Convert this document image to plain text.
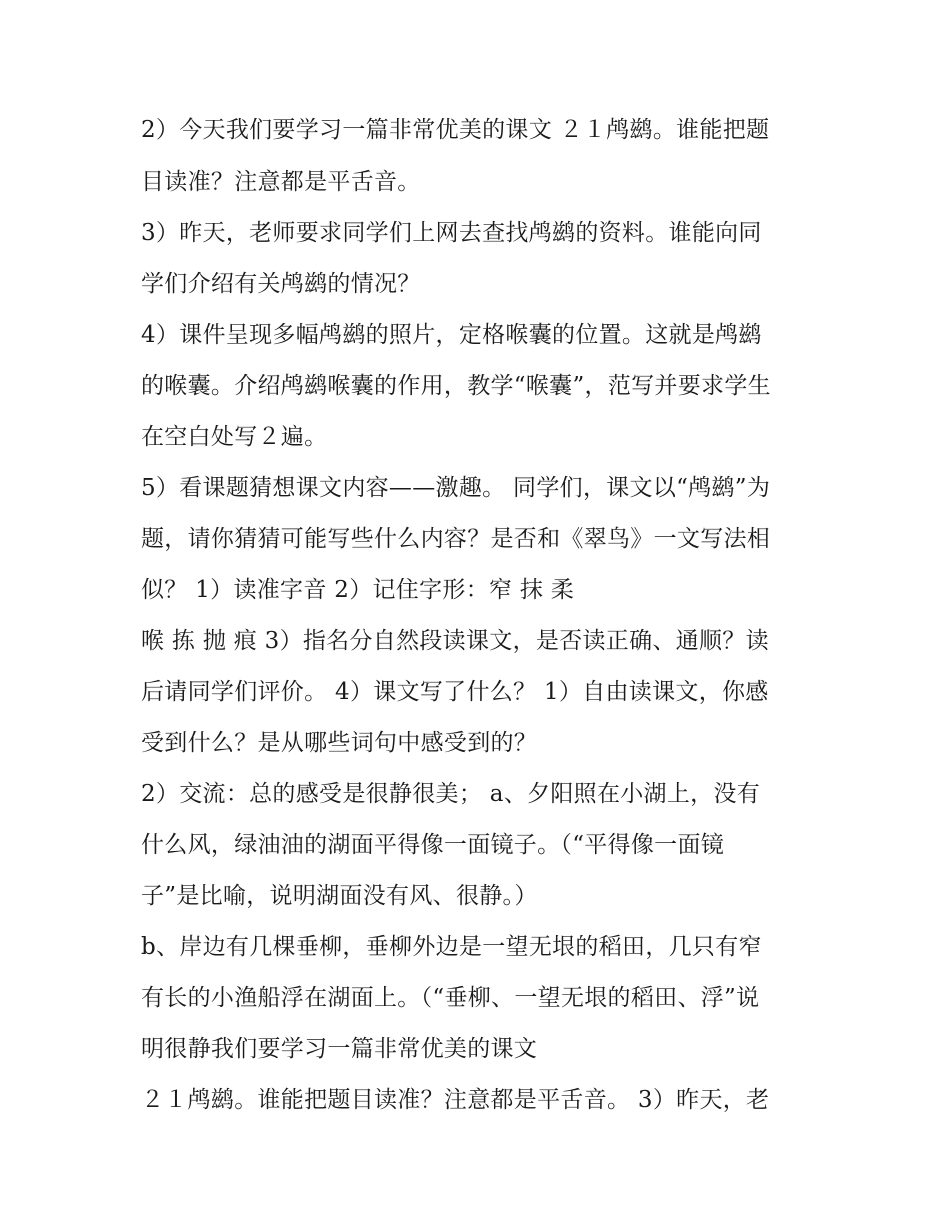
2）今天我们要学习一篇非常优美的课文 ２１鸬鹚。谁能把题
目读准？注意都是平舌音。
3）昨天，老师要求同学们上网去查找鸬鹚的资料。谁能向同
学们介绍有关鸬鹚的情况？
4）课件呈现多幅鸬鹚的照片，定格喉囊的位置。这就是鸬鹚
的喉囊。介绍鸬鹚喉囊的作用，教学“喉囊”，范写并要求学生
在空白处写２遍。
5）看课题猜想课文内容——激趣。 同学们，课文以“鸬鹚”为
题，请你猜猜可能写些什么内容？是否和《翠鸟》一文写法相
似？ 1）读准字音 2）记住字形：窄 抹 柔
喉 拣 抛 痕 3）指名分自然段读课文，是否读正确、通顺？读
后请同学们评价。 4）课文写了什么？ 1）自由读课文，你感
受到什么？是从哪些词句中感受到的？
2）交流：总的感受是很静很美； a、夕阳照在小湖上，没有
什么风，绿油油的湖面平得像一面镜子。（“平得像一面镜
子”是比喻，说明湖面没有风、很静。）
b、岸边有几棵垂柳，垂柳外边是一望无垠的稻田，几只有窄
有长的小渔船浮在湖面上。（“垂柳、一望无垠的稻田、浮”说
明很静我们要学习一篇非常优美的课文
２１鸬鹚。谁能把题目读准？注意都是平舌音。 3）昨天，老
